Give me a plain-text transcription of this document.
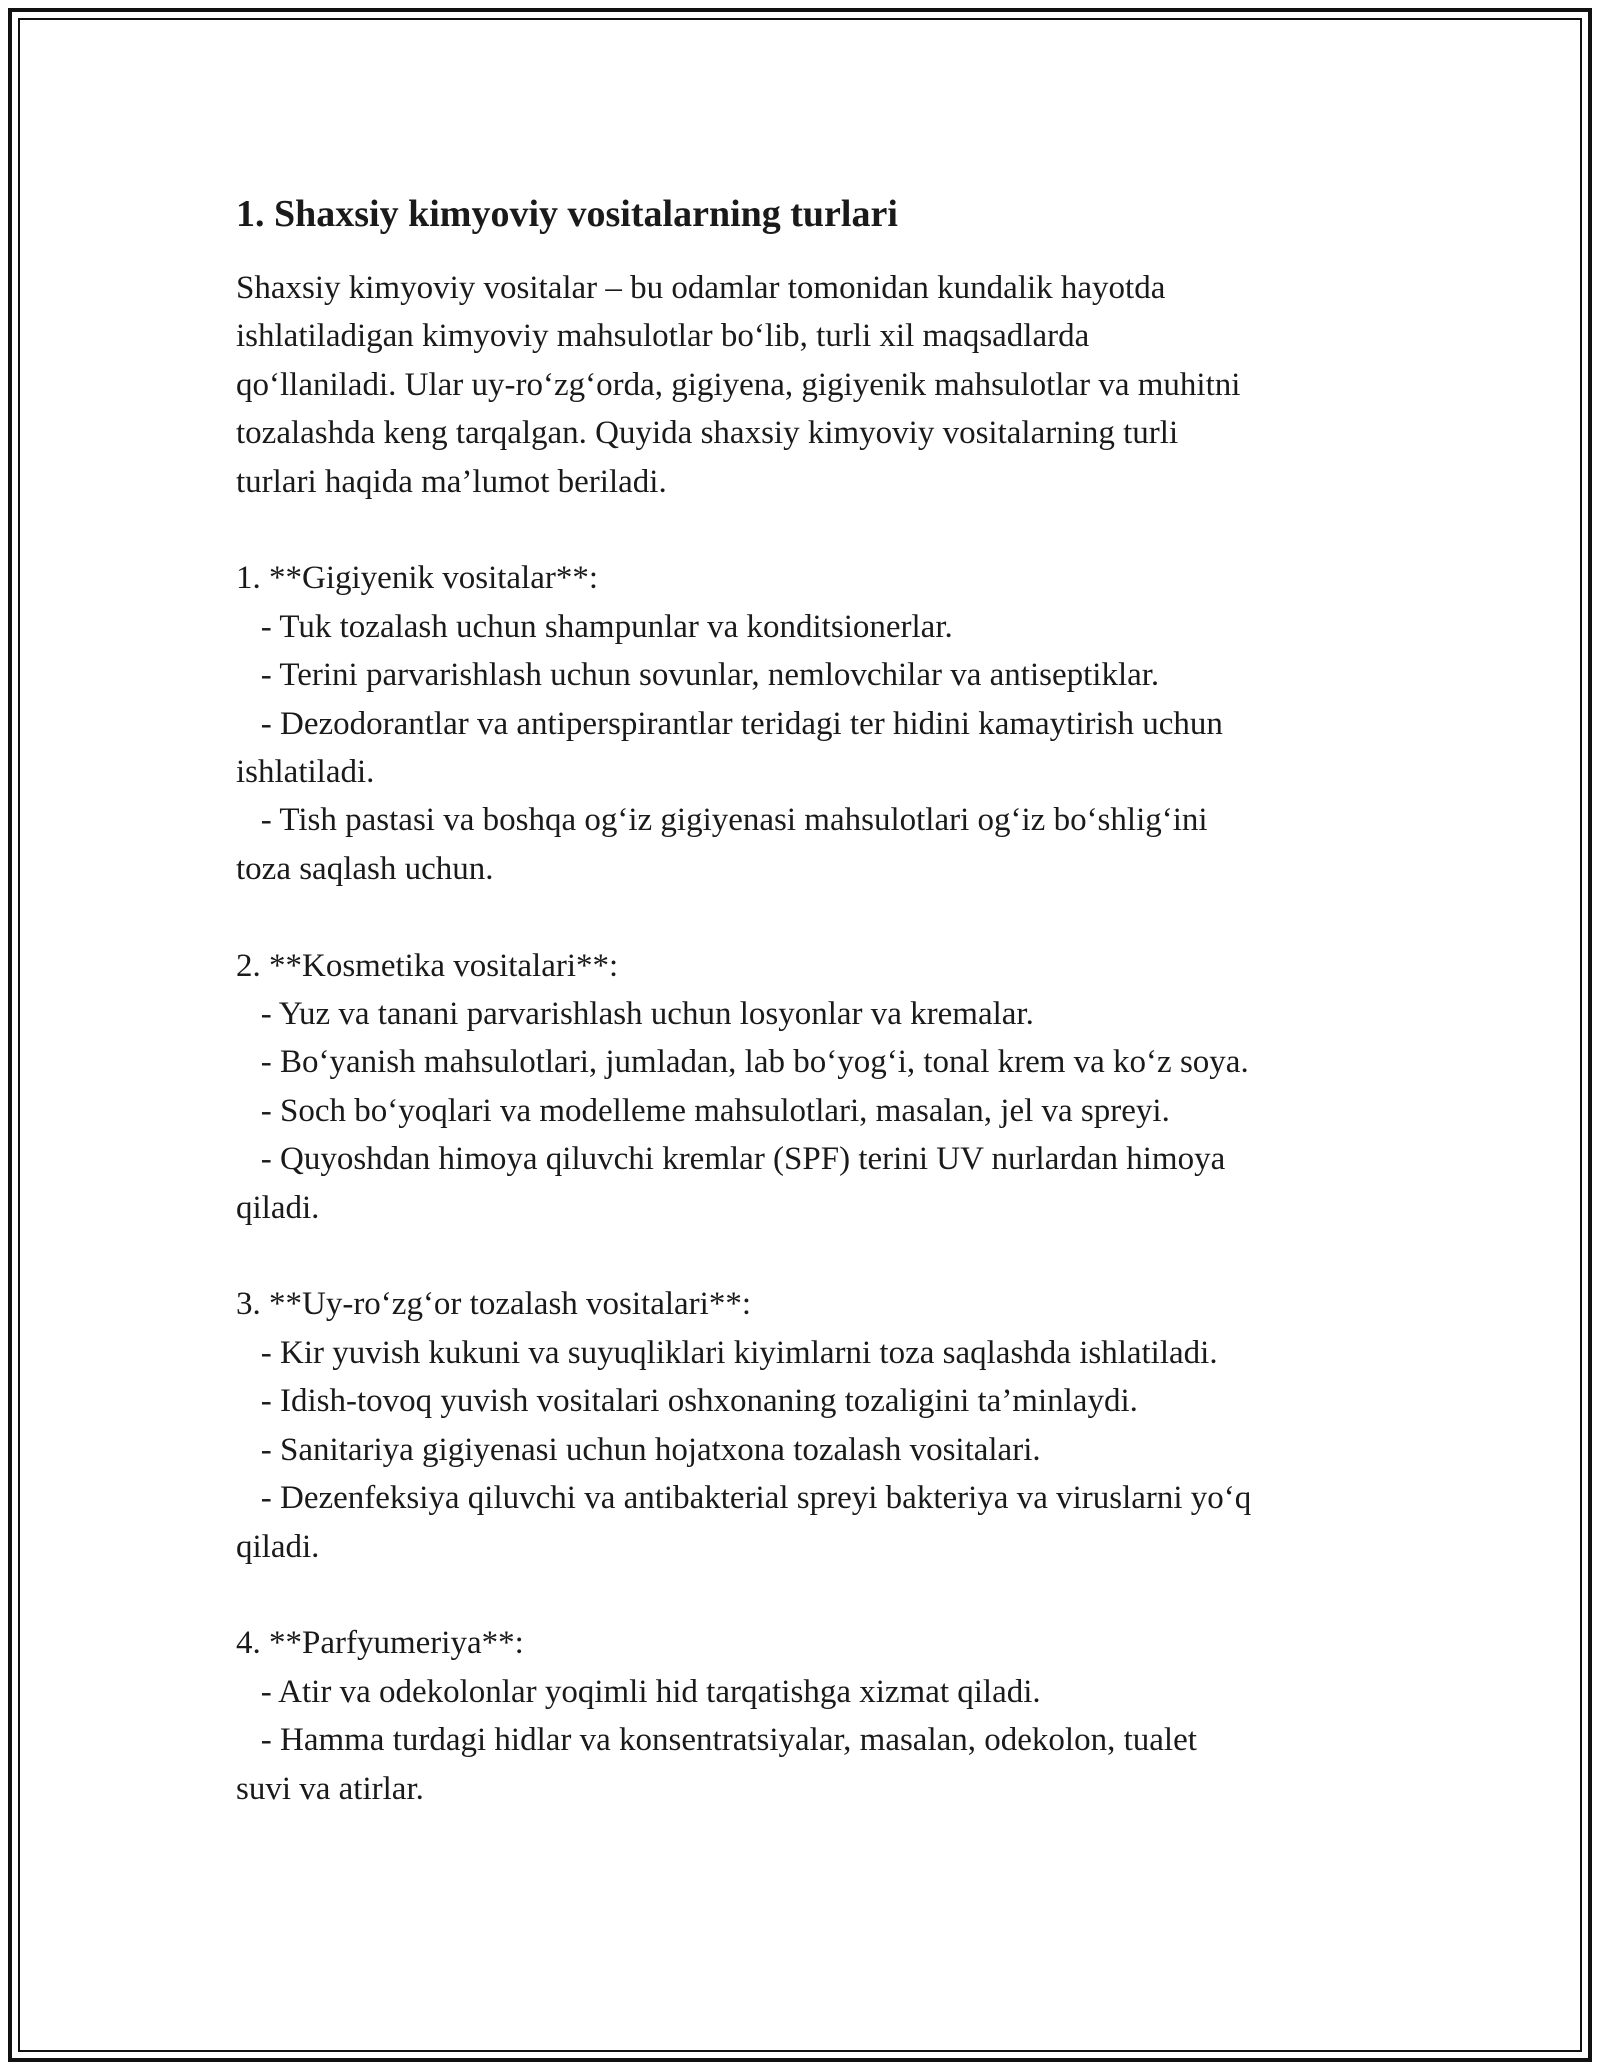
1. Shaxsiy kimyoviy vositalarning turlari
Shaxsiy kimyoviy vositalar – bu odamlar tomonidan kundalik hayotda
ishlatiladigan kimyoviy mahsulotlar bo‘lib, turli xil maqsadlarda
qo‘llaniladi. Ular uy-ro‘zg‘orda, gigiyena, gigiyenik mahsulotlar va muhitni
tozalashda keng tarqalgan. Quyida shaxsiy kimyoviy vositalarning turli
turlari haqida ma’lumot beriladi.
1. **Gigiyenik vositalar**:
- Tuk tozalash uchun shampunlar va konditsionerlar.
- Terini parvarishlash uchun sovunlar, nemlovchilar va antiseptiklar.
- Dezodorantlar va antiperspirantlar teridagi ter hidini kamaytirish uchun
ishlatiladi.
- Tish pastasi va boshqa og‘iz gigiyenasi mahsulotlari og‘iz bo‘shlig‘ini
toza saqlash uchun.
2. **Kosmetika vositalari**:
- Yuz va tanani parvarishlash uchun losyonlar va kremalar.
- Bo‘yanish mahsulotlari, jumladan, lab bo‘yog‘i, tonal krem va ko‘z soya.
- Soch bo‘yoqlari va modelleme mahsulotlari, masalan, jel va spreyi.
- Quyoshdan himoya qiluvchi kremlar (SPF) terini UV nurlardan himoya
qiladi.
3. **Uy-ro‘zg‘or tozalash vositalari**:
- Kir yuvish kukuni va suyuqliklari kiyimlarni toza saqlashda ishlatiladi.
- Idish-tovoq yuvish vositalari oshxonaning tozaligini ta’minlaydi.
- Sanitariya gigiyenasi uchun hojatxona tozalash vositalari.
- Dezenfeksiya qiluvchi va antibakterial spreyi bakteriya va viruslarni yo‘q
qiladi.
4. **Parfyumeriya**:
- Atir va odekolonlar yoqimli hid tarqatishga xizmat qiladi.
- Hamma turdagi hidlar va konsentratsiyalar, masalan, odekolon, tualet
suvi va atirlar.
